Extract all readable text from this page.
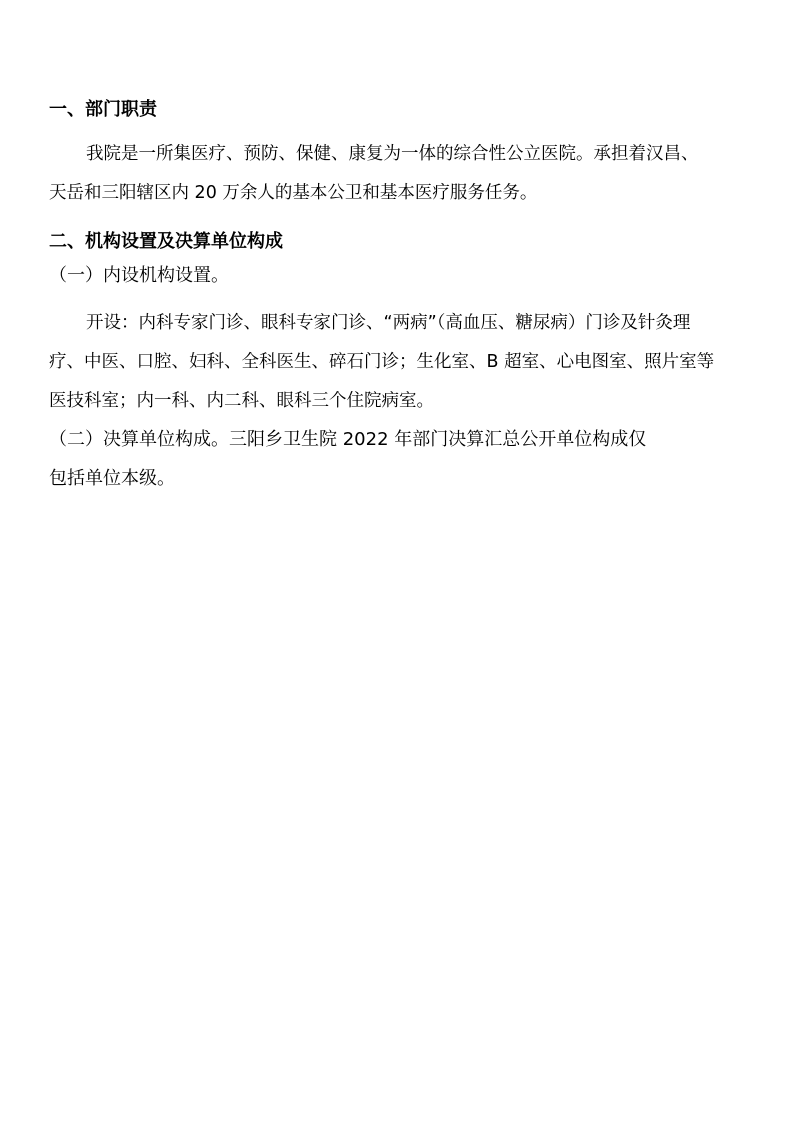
一、部门职责
我院是一所集医疗、预防、保健、康复为一体的综合性公立医院。承担着汉昌、
天岳和三阳辖区内 20 万余人的基本公卫和基本医疗服务任务。
二、机构设置及决算单位构成
（一）内设机构设置。
开设：内科专家门诊、眼科专家门诊、“两病”（高血压、糖尿病）门诊及针灸理
疗、中医、口腔、妇科、全科医生、碎石门诊；生化室、B 超室、心电图室、照片室等
医技科室；内一科、内二科、眼科三个住院病室。
（二）决算单位构成。三阳乡卫生院 2022 年部门决算汇总公开单位构成仅
包括单位本级。
